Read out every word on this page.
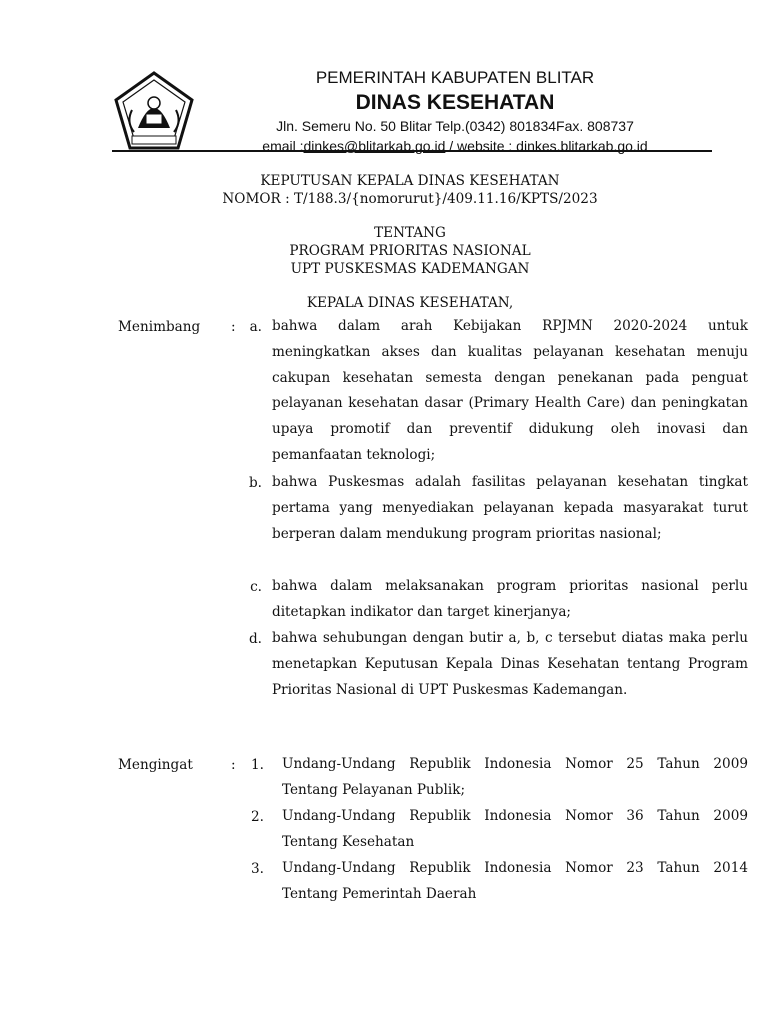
PEMERINTAH KABUPATEN BLITAR
DINAS KESEHATAN
Jln. Semeru No. 50 Blitar Telp.(0342) 801834Fax. 808737
email :dinkes@blitarkab.go.id / website : dinkes.blitarkab.go.id
KEPUTUSAN KEPALA DINAS KESEHATAN
NOMOR : T/188.3/{nomorurut}/409.11.16/KPTS/2023
TENTANG
PROGRAM PRIORITAS NASIONAL
UPT PUSKESMAS KADEMANGAN
KEPALA DINAS KESEHATAN,
Menimbang :	a. bahwa dalam arah Kebijakan RPJMN 2020-2024 untuk meningkatkan akses dan kualitas pelayanan kesehatan menuju cakupan kesehatan semesta dengan penekanan pada penguat pelayanan kesehatan dasar (Primary Health Care) dan peningkatan upaya promotif dan preventif didukung oleh inovasi dan pemanfaatan teknologi;
b. bahwa Puskesmas adalah fasilitas pelayanan kesehatan tingkat pertama yang menyediakan pelayanan kepada masyarakat turut berperan dalam mendukung program prioritas nasional;
c. bahwa dalam melaksanakan program prioritas nasional perlu ditetapkan indikator dan target kinerjanya;
d. bahwa sehubungan dengan butir a, b, c tersebut diatas maka perlu menetapkan Keputusan Kepala Dinas Kesehatan tentang Program Prioritas Nasional di UPT Puskesmas Kademangan.
Mengingat	:	1. Undang-Undang Republik Indonesia Nomor 25 Tahun 2009 Tentang Pelayanan Publik;
2. Undang-Undang Republik Indonesia Nomor 36 Tahun 2009 Tentang Kesehatan
3. Undang-Undang Republik Indonesia Nomor 23 Tahun 2014 Tentang Pemerintah Daerah
